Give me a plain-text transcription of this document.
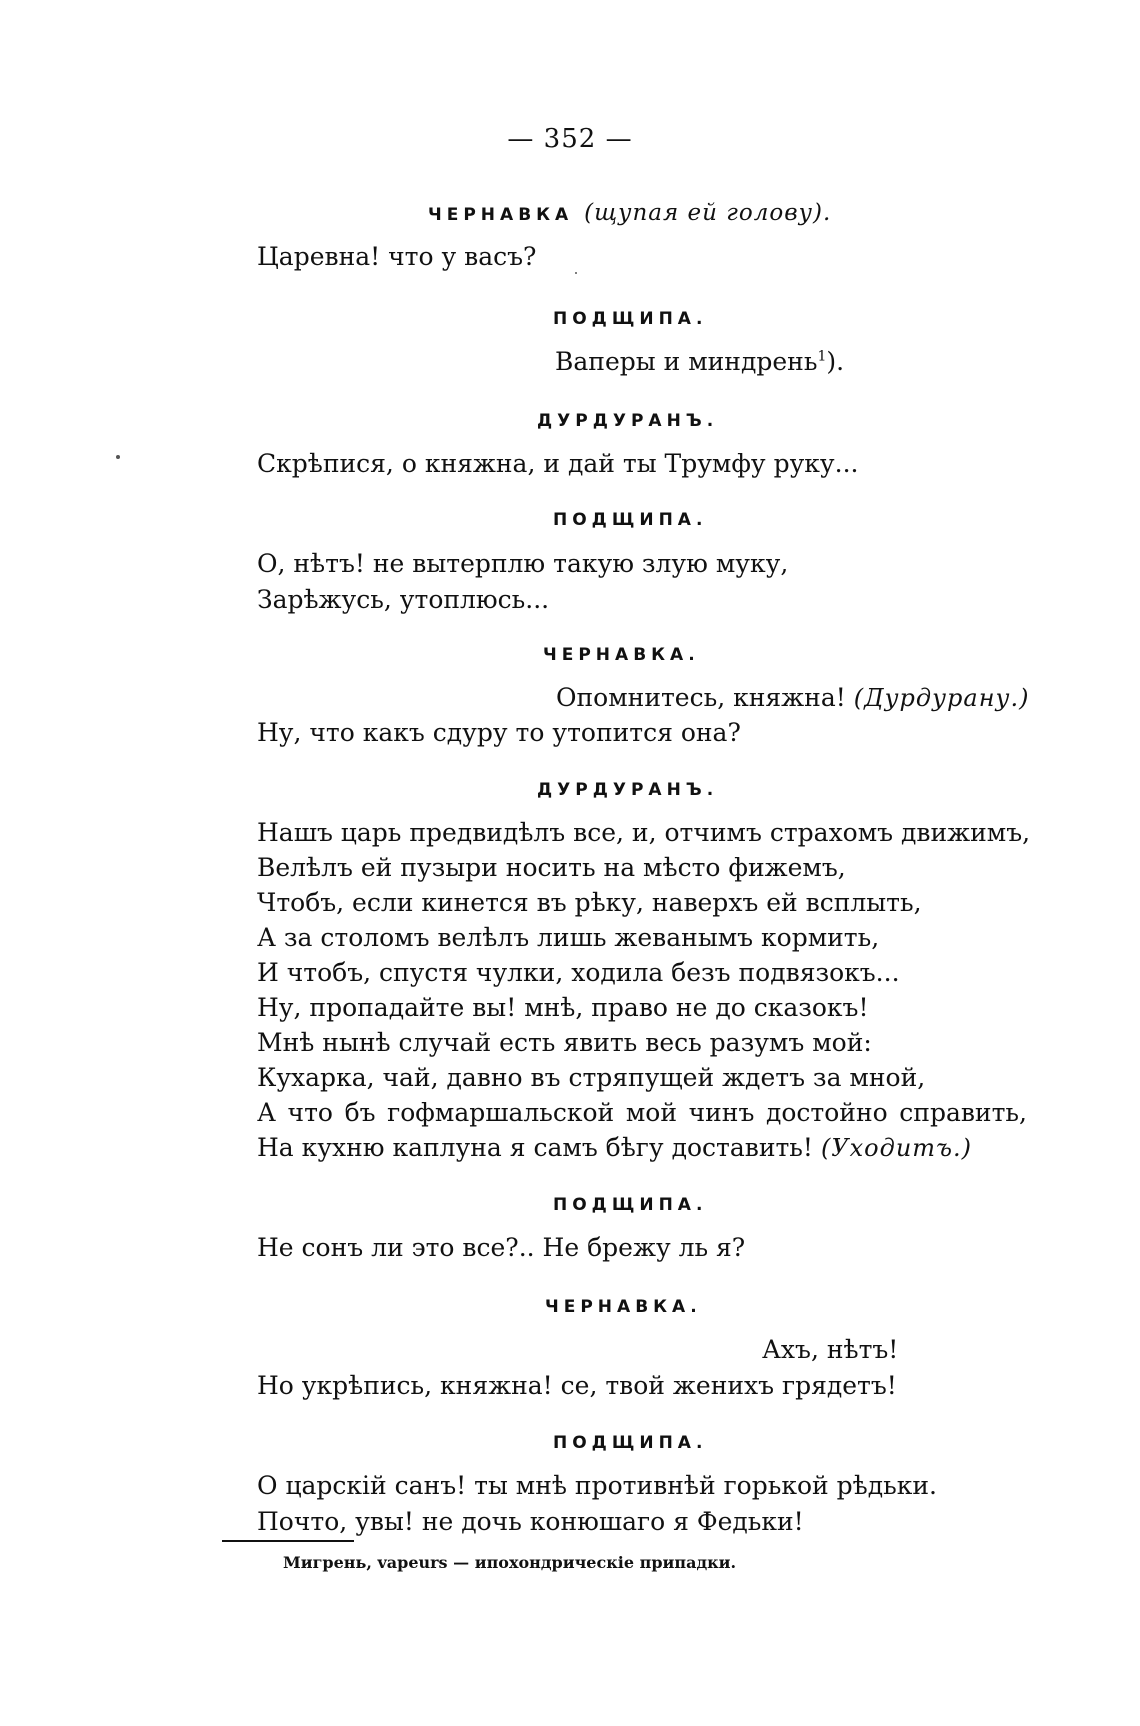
— 352 —
ЧЕРНАВКА (щупая ей голову).
Царевна! что у васъ?
ПОДЩИПА.
Ваперы и миндрень$^1$).
ДУРДУРАНЪ.
Скрѣпися, о княжна, и дай ты Трумфу руку...
ПОДЩИПА.
О, нѣтъ! не вытерплю такую злую муку,
Зарѣжусь, утоплюсь...
ЧЕРНАВКА.
Опомнитесь, княжна! (Дурдурану.)
Ну, что какъ сдуру то утопится она?
ДУРДУРАНЪ.
Нашъ царь предвидѣлъ все, и, отчимъ страхомъ движимъ,
Велѣлъ ей пузыри носить на мѣсто фижемъ,
Чтобъ, если кинется въ рѣку, наверхъ ей всплыть,
А за столомъ велѣлъ лишь жеванымъ кормить,
И чтобъ, спустя чулки, ходила безъ подвязокъ...
Ну, пропадайте вы! мнѣ, право не до сказокъ!
Мнѣ нынѣ случай есть явить весь разумъ мой:
Кухарка, чай, давно въ стряпущей ждетъ за мной,
А что бъ гофмаршальской мой чинъ достойно справить,
На кухню каплуна я самъ бѣгу доставить! (Уходитъ.)
ПОДЩИПА.
Не сонъ ли это все?.. Не брежу ль я?
ЧЕРНАВКА.
Ахъ, нѣтъ!
Но укрѣпись, княжна! се, твой женихъ грядетъ!
ПОДЩИПА.
О царскій санъ! ты мнѣ противнѣй горькой рѣдьки.
Почто, увы! не дочь конюшаго я Федьки!
Мигрень, vapeurs — ипохондрическіе припадки.
